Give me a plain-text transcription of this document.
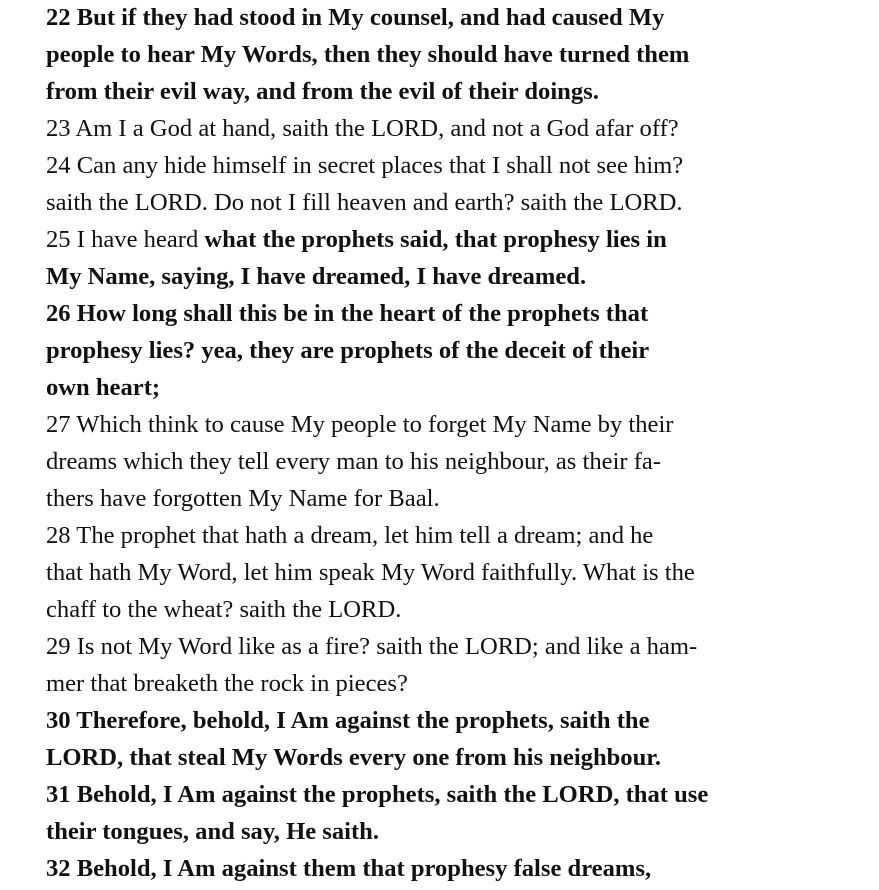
22 But if they had stood in My counsel, and had caused My
people to hear My Words, then they should have turned them
from their evil way, and from the evil of their doings.
23 Am I a God at hand, saith the LORD, and not a God afar off?
24 Can any hide himself in secret places that I shall not see him?
saith the LORD. Do not I fill heaven and earth? saith the LORD.
25 I have heard what the prophets said, that prophesy lies in
My Name, saying, I have dreamed, I have dreamed.
26 How long shall this be in the heart of the prophets that
prophesy lies? yea, they are prophets of the deceit of their
own heart;
27 Which think to cause My people to forget My Name by their
dreams which they tell every man to his neighbour, as their fa-
thers have forgotten My Name for Baal.
28 The prophet that hath a dream, let him tell a dream; and he
that hath My Word, let him speak My Word faithfully. What is the
chaff to the wheat? saith the LORD.
29 Is not My Word like as a fire? saith the LORD; and like a ham-
mer that breaketh the rock in pieces?
30 Therefore, behold, I Am against the prophets, saith the
LORD, that steal My Words every one from his neighbour.
31 Behold, I Am against the prophets, saith the LORD, that use
their tongues, and say, He saith.
32 Behold, I Am against them that prophesy false dreams,
